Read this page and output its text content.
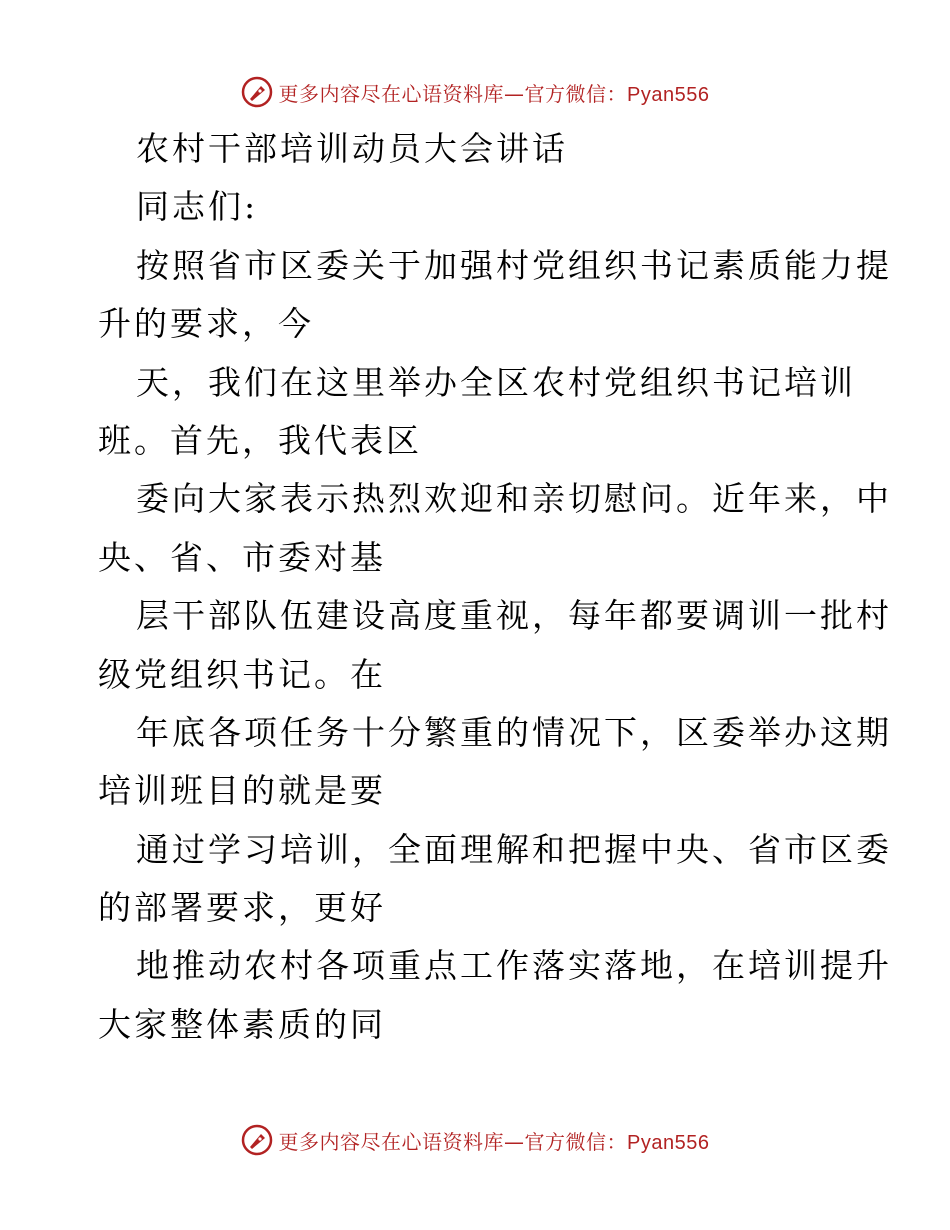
更多内容尽在心语资料库—官方微信：Pyan556
农村干部培训动员大会讲话
同志们:
按照省市区委关于加强村党组织书记素质能力提
升的要求，今
天，我们在这里举办全区农村党组织书记培训
班。首先，我代表区
委向大家表示热烈欢迎和亲切慰问。近年来，中
央、省、市委对基
层干部队伍建设高度重视，每年都要调训一批村
级党组织书记。在
年底各项任务十分繁重的情况下，区委举办这期
培训班目的就是要
通过学习培训，全面理解和把握中央、省市区委
的部署要求，更好
地推动农村各项重点工作落实落地，在培训提升
大家整体素质的同
更多内容尽在心语资料库—官方微信：Pyan556
